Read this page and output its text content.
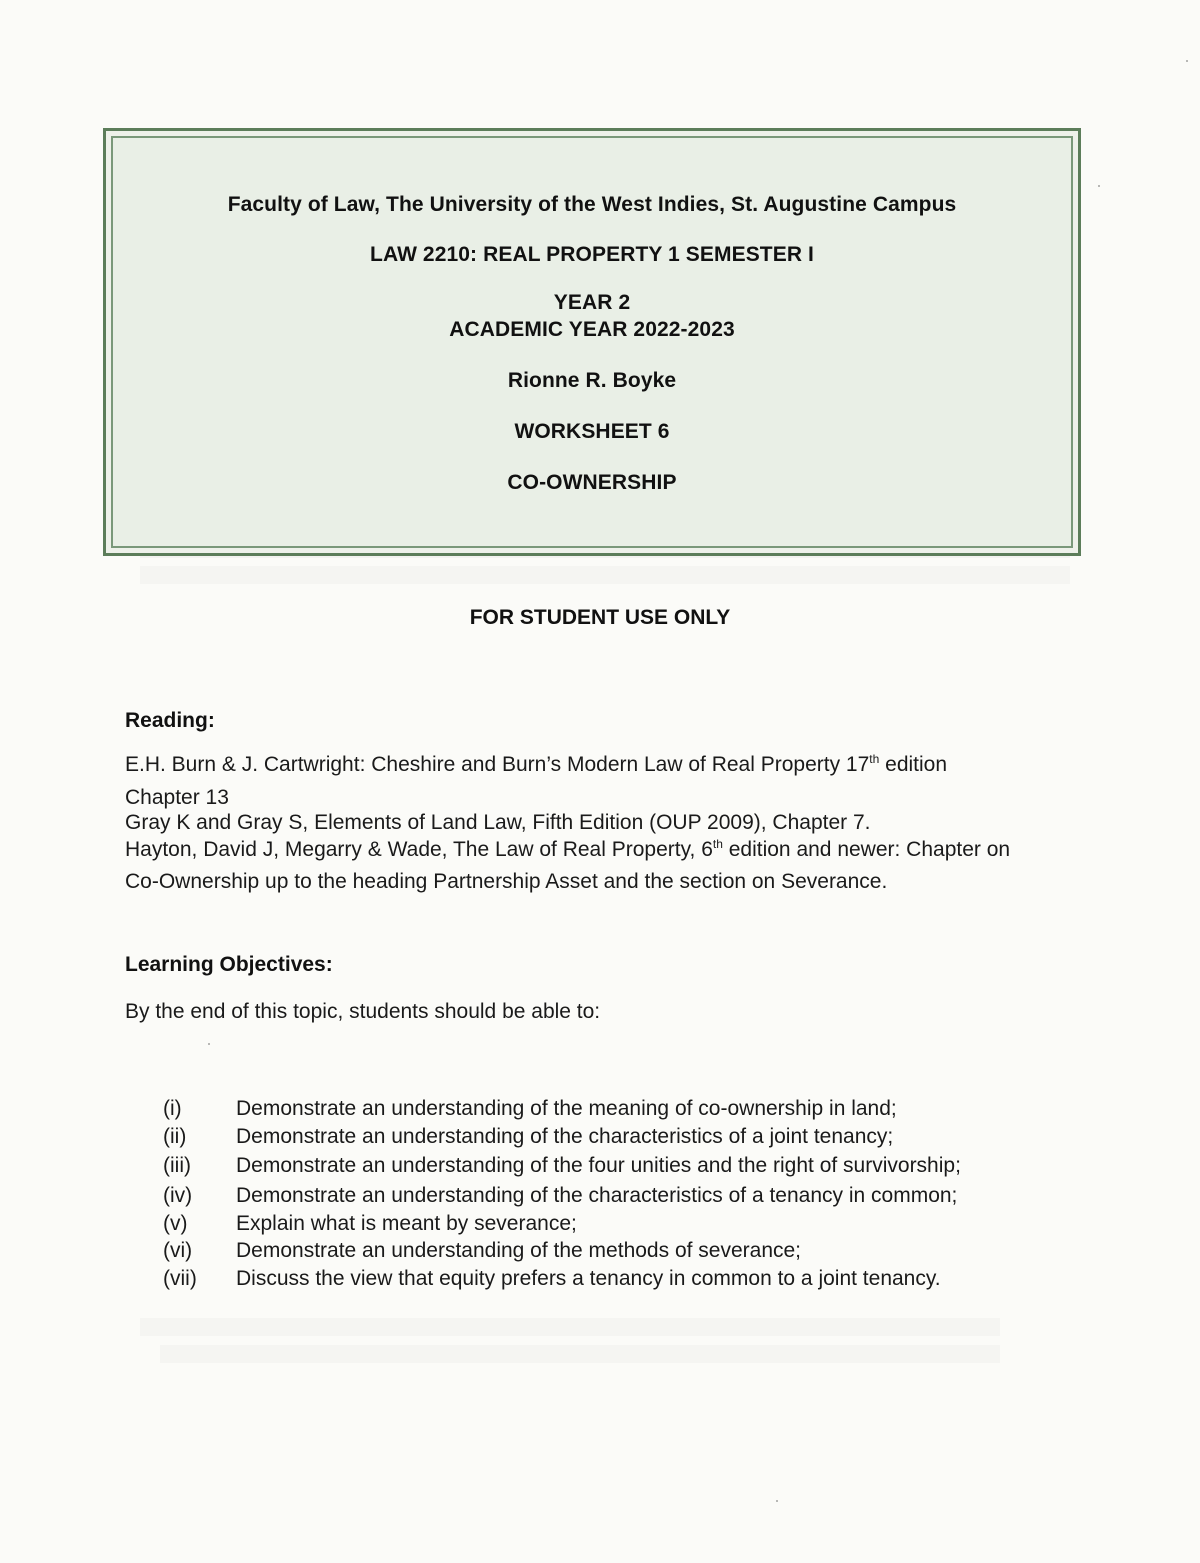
Faculty of Law, The University of the West Indies, St. Augustine Campus
LAW 2210: REAL PROPERTY 1 SEMESTER I
YEAR 2
ACADEMIC YEAR 2022-2023
Rionne R. Boyke
WORKSHEET 6
CO-OWNERSHIP
FOR STUDENT USE ONLY
Reading:
E.H. Burn & J. Cartwright: Cheshire and Burn’s Modern Law of Real Property 17th edition
Chapter 13
Gray K and Gray S, Elements of Land Law, Fifth Edition (OUP 2009), Chapter 7.
Hayton, David J, Megarry & Wade, The Law of Real Property, 6th edition and newer: Chapter on
Co-Ownership up to the heading Partnership Asset and the section on Severance.
Learning Objectives:
By the end of this topic, students should be able to:
(i)	Demonstrate an understanding of the meaning of co-ownership in land;
(ii)	Demonstrate an understanding of the characteristics of a joint tenancy;
(iii)	Demonstrate an understanding of the four unities and the right of survivorship;
(iv)	Demonstrate an understanding of the characteristics of a tenancy in common;
(v)	Explain what is meant by severance;
(vi)	Demonstrate an understanding of the methods of severance;
(vii)	Discuss the view that equity prefers a tenancy in common to a joint tenancy.
